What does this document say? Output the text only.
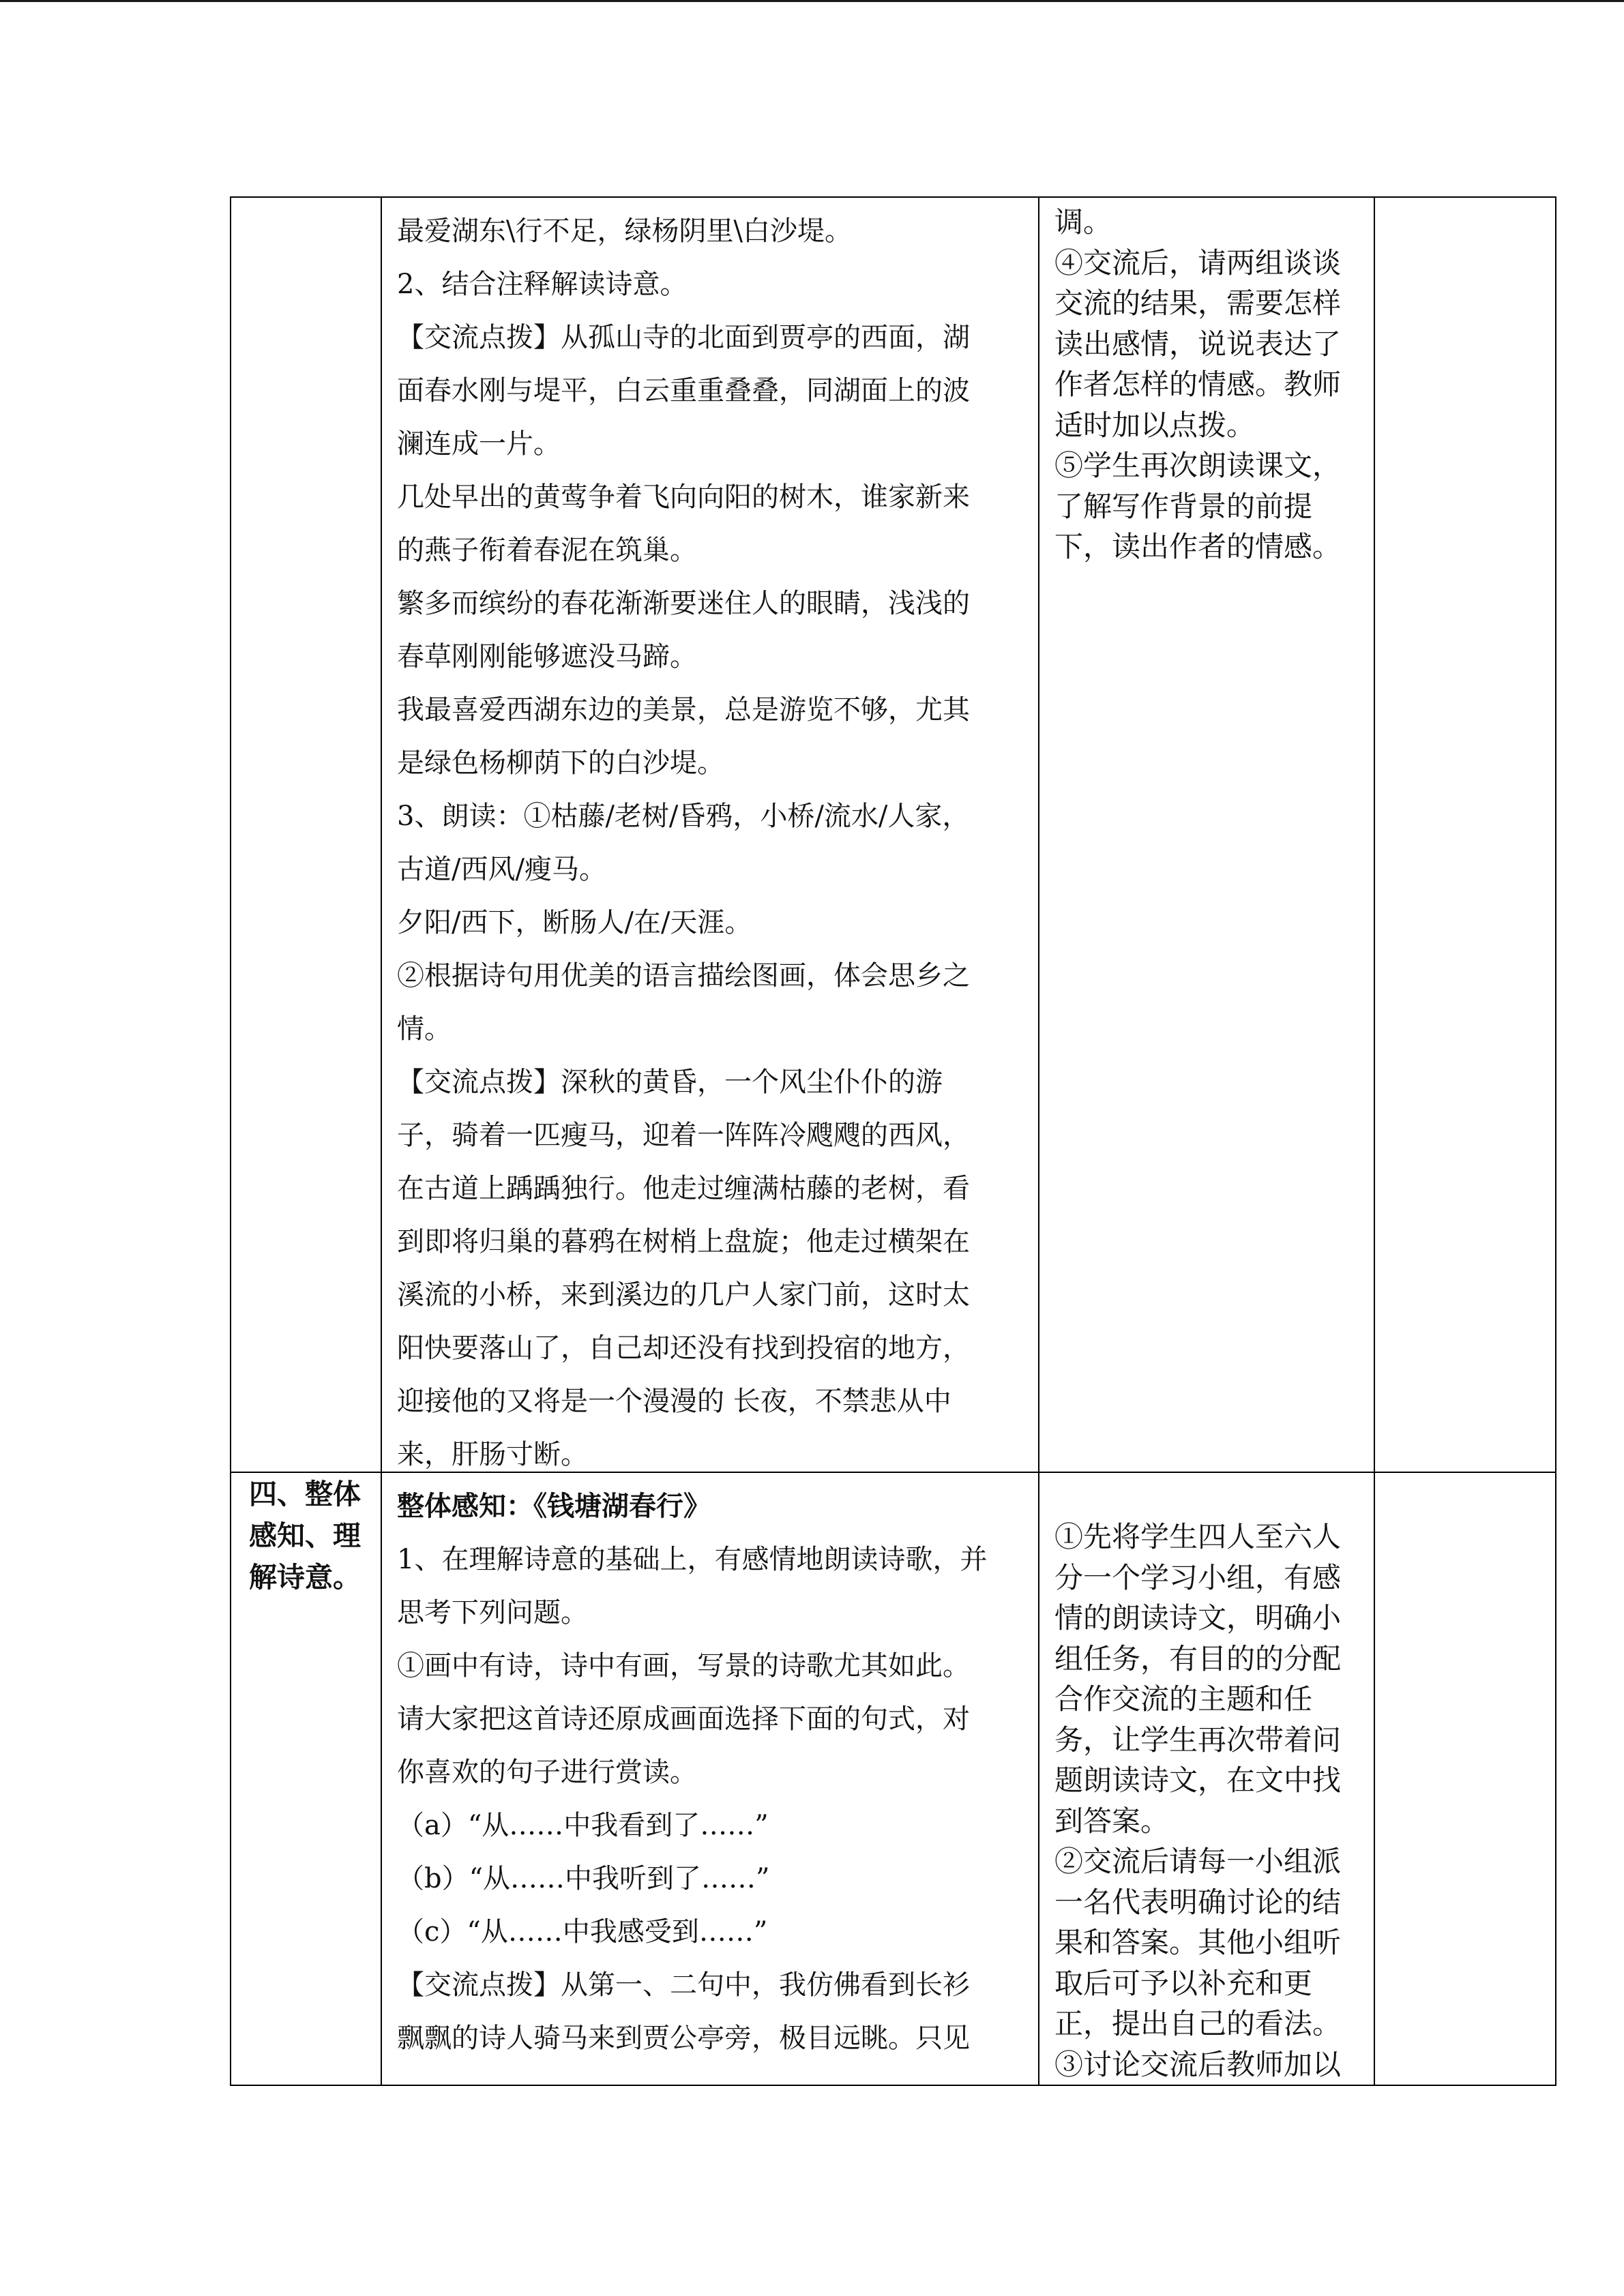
最爱湖东\行不足，绿杨阴里\白沙堤。
2、结合注释解读诗意。
【交流点拨】从孤山寺的北面到贾亭的西面，湖
面春水刚与堤平，白云重重叠叠，同湖面上的波
澜连成一片。
几处早出的黄莺争着飞向向阳的树木，谁家新来
的燕子衔着春泥在筑巢。
繁多而缤纷的春花渐渐要迷住人的眼睛，浅浅的
春草刚刚能够遮没马蹄。
我最喜爱西湖东边的美景，总是游览不够，尤其
是绿色杨柳荫下的白沙堤。
3、朗读：①枯藤/老树/昏鸦，小桥/流水/人家，
古道/西风/瘦马。
夕阳/西下，断肠人/在/天涯。
②根据诗句用优美的语言描绘图画，体会思乡之
情。
【交流点拨】深秋的黄昏，一个风尘仆仆的游
子，骑着一匹瘦马，迎着一阵阵冷飕飕的西风，
在古道上踽踽独行。他走过缠满枯藤的老树，看
到即将归巢的暮鸦在树梢上盘旋；他走过横架在
溪流的小桥，来到溪边的几户人家门前，这时太
阳快要落山了，自己却还没有找到投宿的地方，
迎接他的又将是一个漫漫的 长夜，不禁悲从中
来，肝肠寸断。
调。
④交流后，请两组谈谈
交流的结果，需要怎样
读出感情，说说表达了
作者怎样的情感。教师
适时加以点拨。
⑤学生再次朗读课文，
了解写作背景的前提
下，读出作者的情感。
四、整体
感知、理
解诗意。
整体感知：《钱塘湖春行》
1、在理解诗意的基础上，有感情地朗读诗歌，并
思考下列问题。
①画中有诗，诗中有画，写景的诗歌尤其如此。
请大家把这首诗还原成画面选择下面的句式，对
你喜欢的句子进行赏读。
（a）“从……中我看到了……”
（b）“从……中我听到了……”
（c）“从……中我感受到……”
【交流点拨】从第一、二句中，我仿佛看到长衫
飘飘的诗人骑马来到贾公亭旁，极目远眺。只见
①先将学生四人至六人
分一个学习小组，有感
情的朗读诗文，明确小
组任务，有目的的分配
合作交流的主题和任
务，让学生再次带着问
题朗读诗文，在文中找
到答案。
②交流后请每一小组派
一名代表明确讨论的结
果和答案。其他小组听
取后可予以补充和更
正，提出自己的看法。
③讨论交流后教师加以
